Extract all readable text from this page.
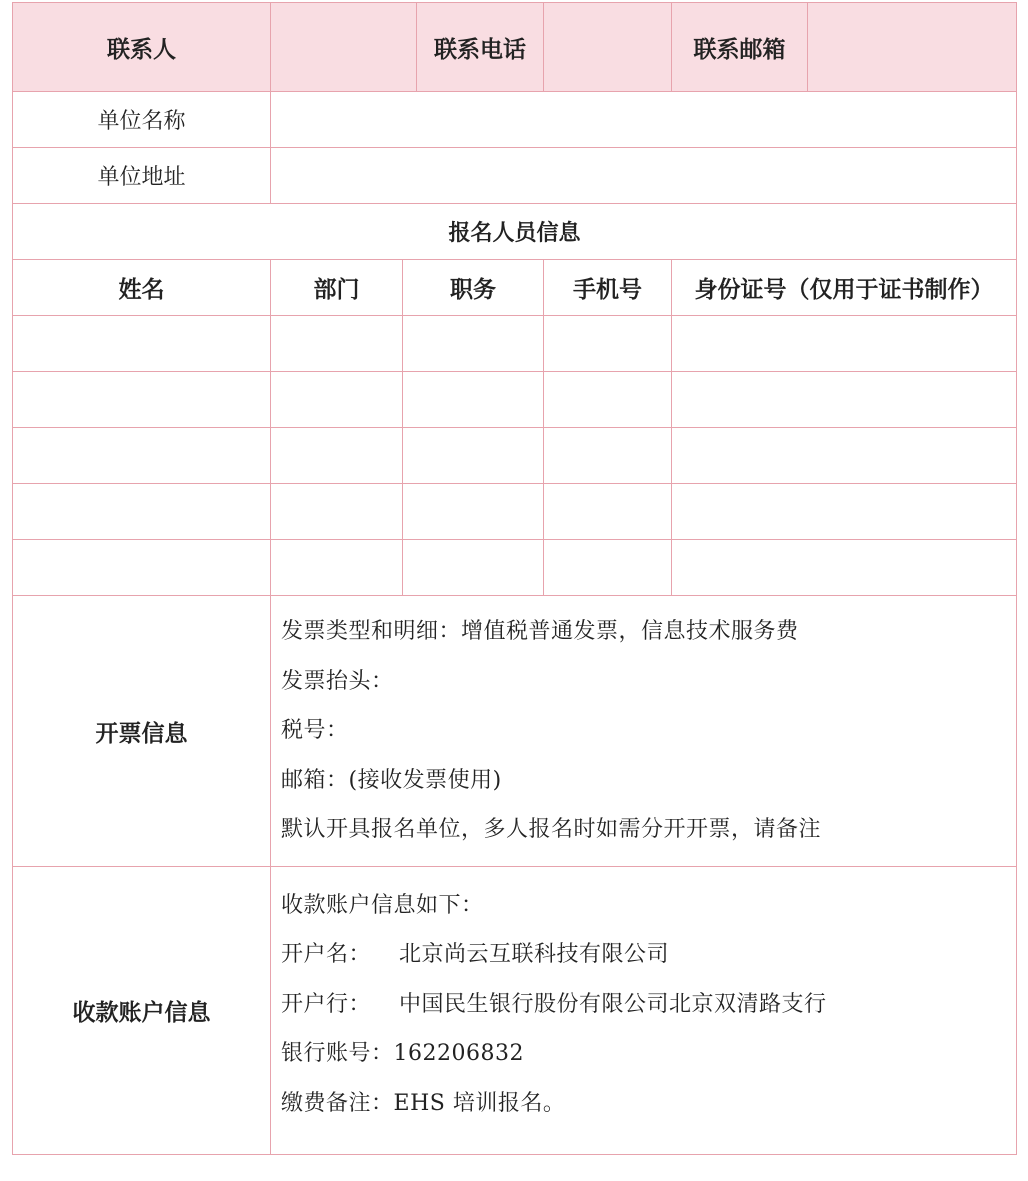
联系人			联系电话		联系邮箱	
单位名称						
单位地址						
报名人员信息						
姓名	部门	职务		手机号	身份证号（仅用于证书制作）	

开票信息	发票类型和明细：增值税普通发票，信息技术服务费
发票抬头：
税号：
邮箱：(接收发票使用)
默认开具报名单位，多人报名时如需分开开票，请备注					

收款账户信息	收款账户信息如下：
开户名： 北京尚云互联科技有限公司
开户行： 中国民生银行股份有限公司北京双清路支行
银行账号：162206832
缴费备注：EHS 培训报名。					
